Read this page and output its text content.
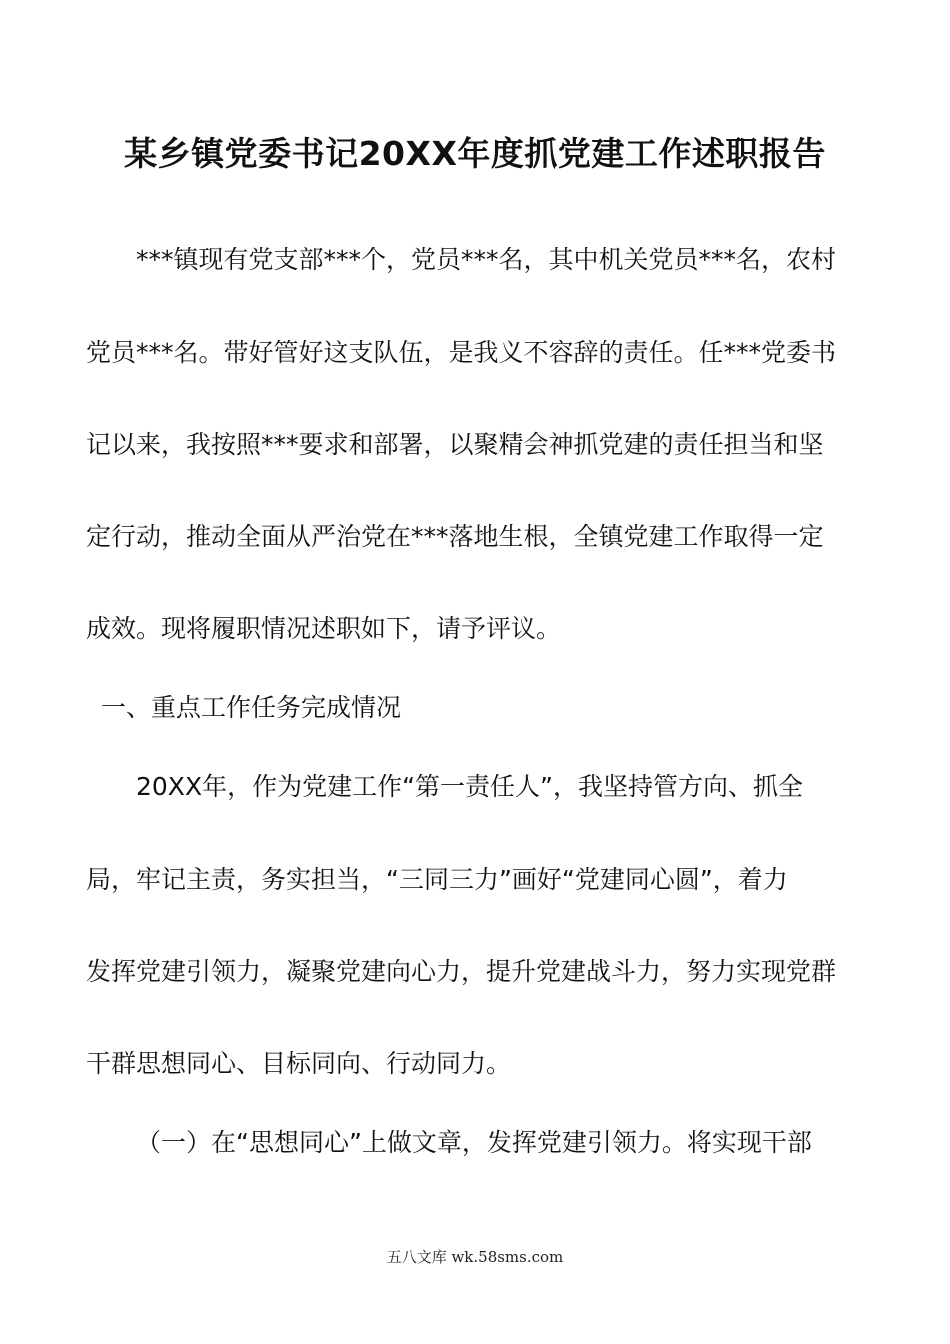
某乡镇党委书记20XX年度抓党建工作述职报告
***镇现有党支部***个，党员***名，其中机关党员***名，农村
党员***名。带好管好这支队伍，是我义不容辞的责任。任***党委书
记以来，我按照***要求和部署，以聚精会神抓党建的责任担当和坚
定行动，推动全面从严治党在***落地生根，全镇党建工作取得一定
成效。现将履职情况述职如下，请予评议。
一、重点工作任务完成情况
20XX年，作为党建工作“第一责任人”，我坚持管方向、抓全
局，牢记主责，务实担当，“三同三力”画好“党建同心圆”，着力
发挥党建引领力，凝聚党建向心力，提升党建战斗力，努力实现党群
干群思想同心、目标同向、行动同力。
（一）在“思想同心”上做文章，发挥党建引领力。将实现干部
五八文库 wk.58sms.com
